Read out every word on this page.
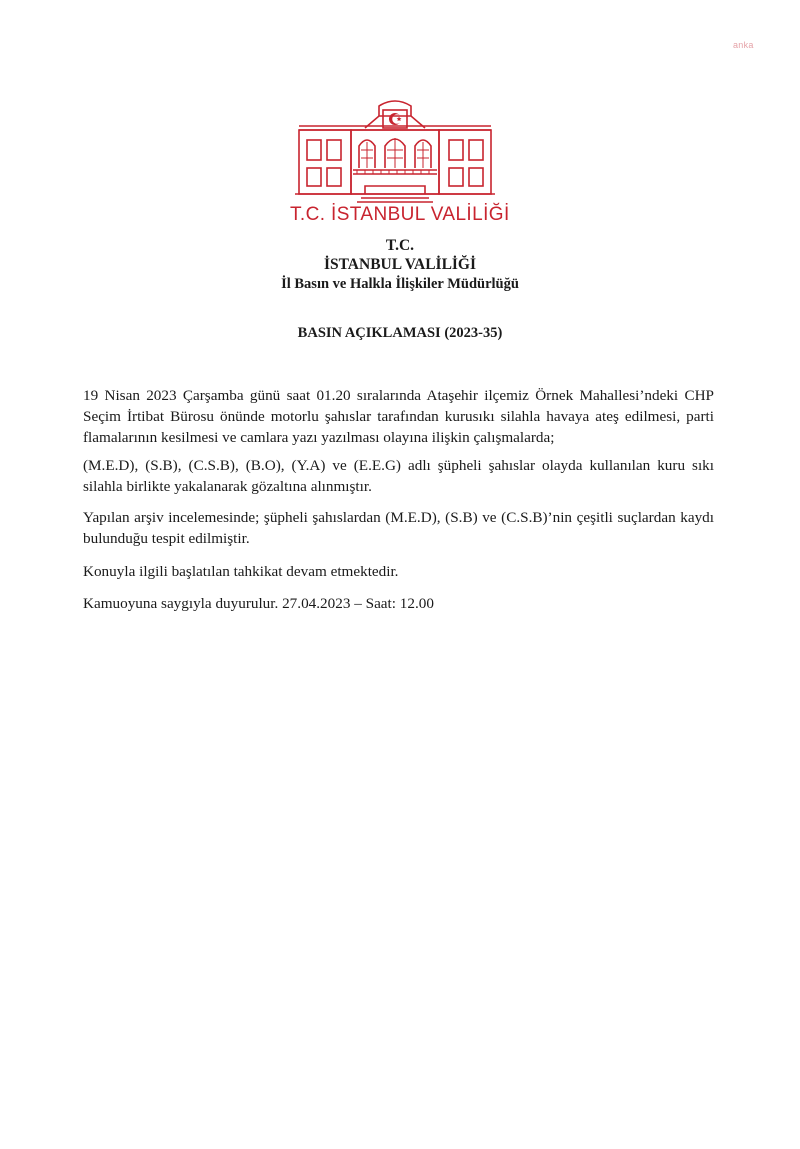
anka
T.C. İSTANBUL VALİLİĞİ
T.C.
İSTANBUL VALİLİĞİ
İl Basın ve Halkla İlişkiler Müdürlüğü
BASIN AÇIKLAMASI (2023-35)

19 Nisan 2023 Çarşamba günü saat 01.20 sıralarında Ataşehir ilçemiz Örnek Mahallesi’ndeki CHP Seçim İrtibat Bürosu önünde motorlu şahıslar tarafından kurusıkı silahla havaya ateş edilmesi, parti flamalarının kesilmesi ve camlara yazı yazılması olayına ilişkin çalışmalarda;

(M.E.D), (S.B), (C.S.B), (B.O), (Y.A) ve (E.E.G) adlı şüpheli şahıslar olayda kullanılan kuru sıkı silahla birlikte yakalanarak gözaltına alınmıştır.

Yapılan arşiv incelemesinde; şüpheli şahıslardan (M.E.D), (S.B) ve (C.S.B)’nin çeşitli suçlardan kaydı bulunduğu tespit edilmiştir.

Konuyla ilgili başlatılan tahkikat devam etmektedir.

Kamuoyuna saygıyla duyurulur. 27.04.2023 – Saat: 12.00
